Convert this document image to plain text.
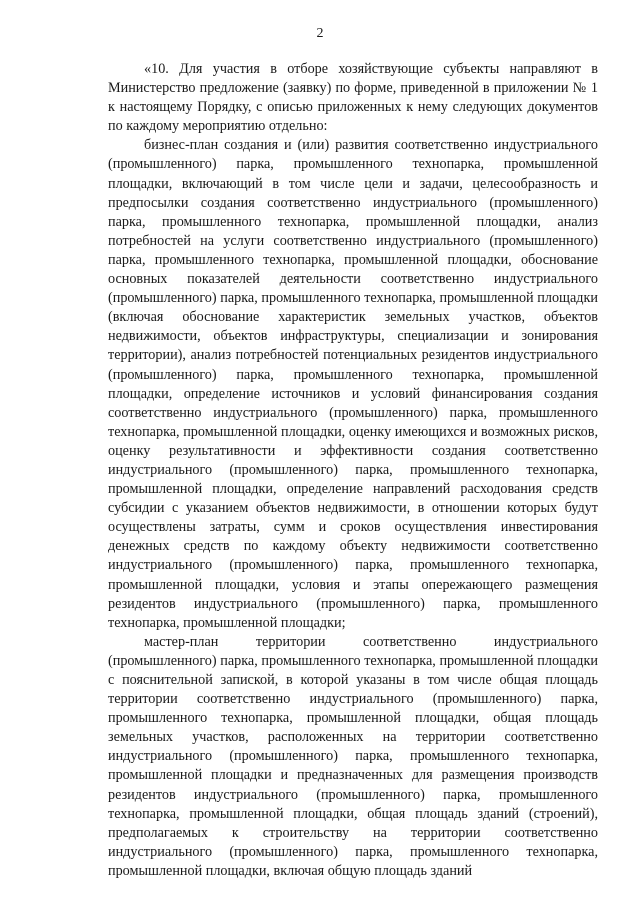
2

«10. Для участия в отборе хозяйствующие субъекты направляют в Министерство предложение (заявку) по форме, приведенной в приложении № 1 к настоящему Порядку, с описью приложенных к нему следующих документов по каждому мероприятию отдельно:

бизнес-план создания и (или) развития соответственно индустриального (промышленного) парка, промышленного технопарка, промышленной площадки, включающий в том числе цели и задачи, целесообразность и предпосылки создания соответственно индустриального (промышленного) парка, промышленного технопарка, промышленной площадки, анализ потребностей на услуги соответственно индустриального (промышленного) парка, промышленного технопарка, промышленной площадки, обоснование основных показателей деятельности соответственно индустриального (промышленного) парка, промышленного технопарка, промышленной площадки (включая обоснование характеристик земельных участков, объектов недвижимости, объектов инфраструктуры, специализации и зонирования территории), анализ потребностей потенциальных резидентов индустриального (промышленного) парка, промышленного технопарка, промышленной площадки, определение источников и условий финансирования создания соответственно индустриального (промышленного) парка, промышленного технопарка, промышленной площадки, оценку имеющихся и возможных рисков, оценку результативности и эффективности создания соответственно индустриального (промышленного) парка, промышленного технопарка, промышленной площадки, определение направлений расходования средств субсидии с указанием объектов недвижимости, в отношении которых будут осуществлены затраты, сумм и сроков осуществления инвестирования денежных средств по каждому объекту недвижимости соответственно индустриального (промышленного) парка, промышленного технопарка, промышленной площадки, условия и этапы опережающего размещения резидентов индустриального (промышленного) парка, промышленного технопарка, промышленной площадки;

мастер-план территории соответственно индустриального (промышленного) парка, промышленного технопарка, промышленной площадки с пояснительной запиской, в которой указаны в том числе общая площадь территории соответственно индустриального (промышленного) парка, промышленного технопарка, промышленной площадки, общая площадь земельных участков, расположенных на территории соответственно индустриального (промышленного) парка, промышленного технопарка, промышленной площадки и предназначенных для размещения производств резидентов индустриального (промышленного) парка, промышленного технопарка, промышленной площадки, общая площадь зданий (строений), предполагаемых к строительству на территории соответственно индустриального (промышленного) парка, промышленного технопарка, промышленной площадки, включая общую площадь зданий
